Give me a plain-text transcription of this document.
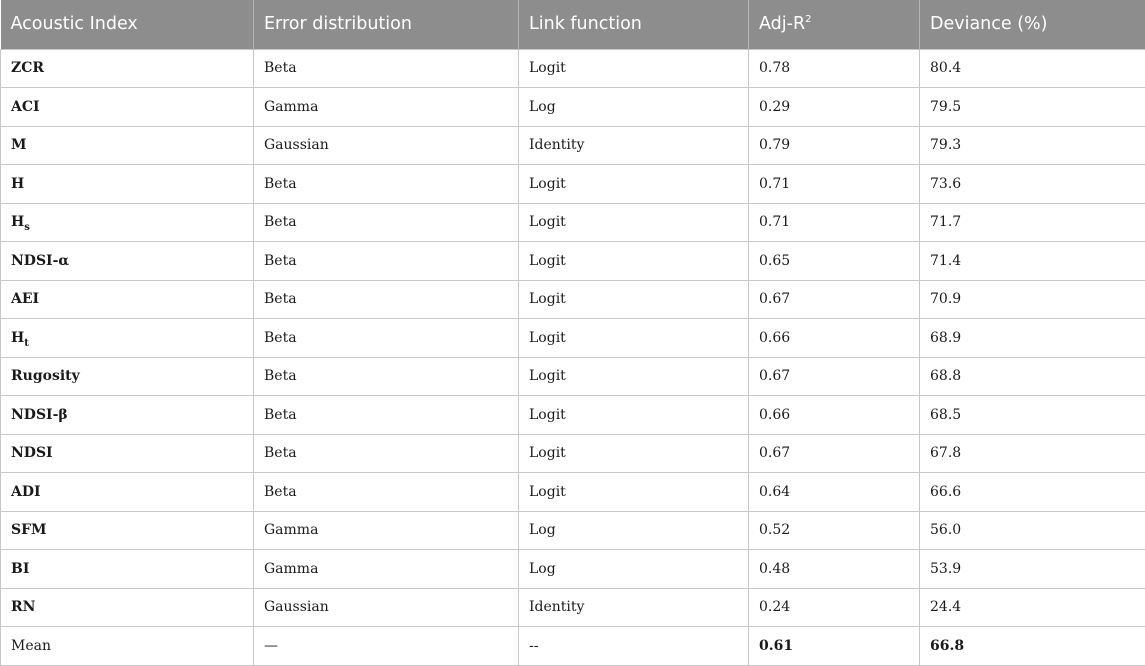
Acoustic Index	Error distribution	Link function	Adj-$R^2$	Deviance (%)
ZCR	Beta	Logit	0.78	80.4
ACI	Gamma	Log	0.29	79.5
M	Gaussian	Identity	0.79	79.3
H	Beta	Logit	0.71	73.6
$H_s$	Beta	Logit	0.71	71.7
NDSI-α	Beta	Logit	0.65	71.4
AEI	Beta	Logit	0.67	70.9
$H_t$	Beta	Logit	0.66	68.9
Rugosity	Beta	Logit	0.67	68.8
NDSI-β	Beta	Logit	0.66	68.5
NDSI	Beta	Logit	0.67	67.8
ADI	Beta	Logit	0.64	66.6
SFM	Gamma	Log	0.52	56.0
BI	Gamma	Log	0.48	53.9
RN	Gaussian	Identity	0.24	24.4
Mean	—	--	0.61	66.8
